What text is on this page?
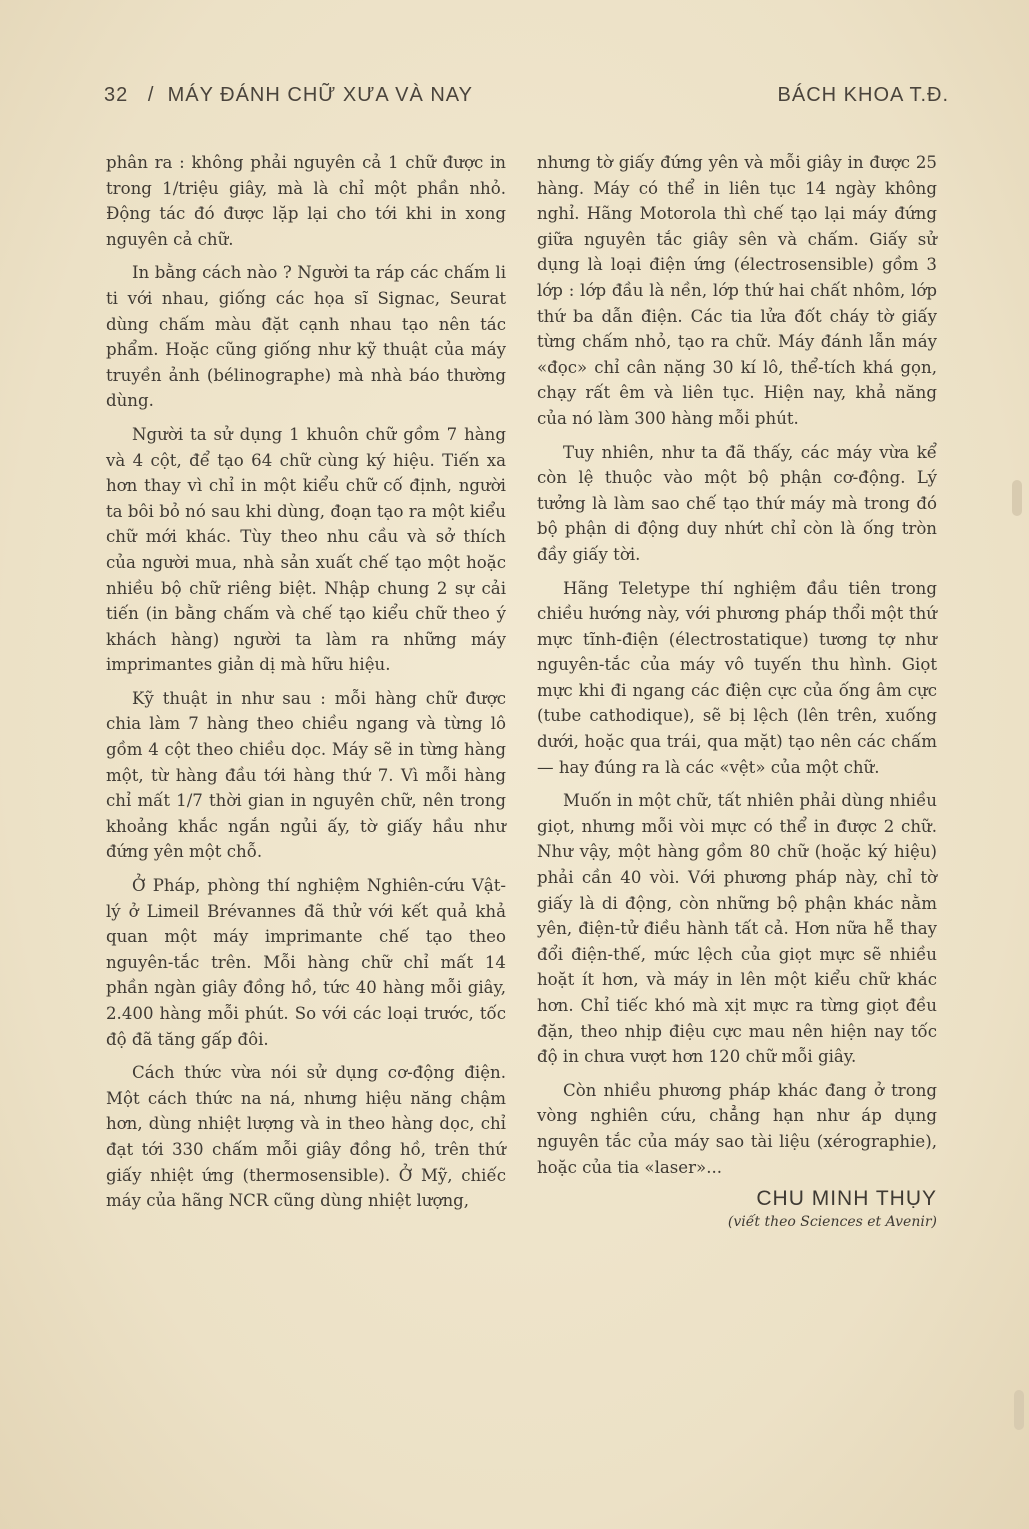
32 / MÁY ĐÁNH CHỮ XƯA VÀ NAY	BÁCH KHOA T.Đ.

phân ra : không phải nguyên cả 1 chữ được in trong 1/triệu giây, mà là chỉ một phần nhỏ. Động tác đó được lặp lại cho tới khi in xong nguyên cả chữ.

In bằng cách nào ? Người ta ráp các chấm li ti với nhau, giống các họa sĩ Signac, Seurat dùng chấm màu đặt cạnh nhau tạo nên tác phẩm. Hoặc cũng giống như kỹ thuật của máy truyền ảnh (bélinographe) mà nhà báo thường dùng.

Người ta sử dụng 1 khuôn chữ gồm 7 hàng và 4 cột, để tạo 64 chữ cùng ký hiệu. Tiến xa hơn thay vì chỉ in một kiểu chữ cố định, người ta bôi bỏ nó sau khi dùng, đoạn tạo ra một kiểu chữ mới khác. Tùy theo nhu cầu và sở thích của người mua, nhà sản xuất chế tạo một hoặc nhiều bộ chữ riêng biệt. Nhập chung 2 sự cải tiến (in bằng chấm và chế tạo kiểu chữ theo ý khách hàng) người ta làm ra những máy imprimantes giản dị mà hữu hiệu.

Kỹ thuật in như sau : mỗi hàng chữ được chia làm 7 hàng theo chiều ngang và từng lô gồm 4 cột theo chiều dọc. Máy sẽ in từng hàng một, từ hàng đầu tới hàng thứ 7. Vì mỗi hàng chỉ mất 1/7 thời gian in nguyên chữ, nên trong khoảng khắc ngắn ngủi ấy, tờ giấy hầu như đứng yên một chỗ.

Ở Pháp, phòng thí nghiệm Nghiên-cứu Vật-lý ở Limeil Brévannes đã thử với kết quả khả quan một máy imprimante chế tạo theo nguyên-tắc trên. Mỗi hàng chữ chỉ mất 14 phần ngàn giây đồng hồ, tức 40 hàng mỗi giây, 2.400 hàng mỗi phút. So với các loại trước, tốc độ đã tăng gấp đôi.

Cách thức vừa nói sử dụng cơ-động điện. Một cách thức na ná, nhưng hiệu năng chậm hơn, dùng nhiệt lượng và in theo hàng dọc, chỉ đạt tới 330 chấm mỗi giây đồng hồ, trên thứ giấy nhiệt ứng (thermosensible). Ở Mỹ, chiếc máy của hãng NCR cũng dùng nhiệt lượng,

nhưng tờ giấy đứng yên và mỗi giây in được 25 hàng. Máy có thể in liên tục 14 ngày không nghỉ. Hãng Motorola thì chế tạo lại máy đứng giữa nguyên tắc giây sên và chấm. Giấy sử dụng là loại điện ứng (électrosensible) gồm 3 lớp : lớp đầu là nền, lớp thứ hai chất nhôm, lớp thứ ba dẫn điện. Các tia lửa đốt cháy tờ giấy từng chấm nhỏ, tạo ra chữ. Máy đánh lẫn máy «đọc» chỉ cân nặng 30 kí lô, thể-tích khá gọn, chạy rất êm và liên tục. Hiện nay, khả năng của nó làm 300 hàng mỗi phút.

Tuy nhiên, như ta đã thấy, các máy vừa kể còn lệ thuộc vào một bộ phận cơ-động. Lý tưởng là làm sao chế tạo thứ máy mà trong đó bộ phận di động duy nhứt chỉ còn là ống tròn đầy giấy tời.

Hãng Teletype thí nghiệm đầu tiên trong chiều hướng này, với phương pháp thổi một thứ mực tĩnh-điện (électrostatique) tương tợ như nguyên-tắc của máy vô tuyến thu hình. Giọt mực khi đi ngang các điện cực của ống âm cực (tube cathodique), sẽ bị lệch (lên trên, xuống dưới, hoặc qua trái, qua mặt) tạo nên các chấm — hay đúng ra là các «vệt» của một chữ.

Muốn in một chữ, tất nhiên phải dùng nhiều giọt, nhưng mỗi vòi mực có thể in được 2 chữ. Như vậy, một hàng gồm 80 chữ (hoặc ký hiệu) phải cần 40 vòi. Với phương pháp này, chỉ tờ giấy là di động, còn những bộ phận khác nằm yên, điện-tử điều hành tất cả. Hơn nữa hễ thay đổi điện-thế, mức lệch của giọt mực sẽ nhiều hoặt ít hơn, và máy in lên một kiểu chữ khác hơn. Chỉ tiếc khó mà xịt mực ra từng giọt đều đặn, theo nhịp điệu cực mau nên hiện nay tốc độ in chưa vượt hơn 120 chữ mỗi giây.

Còn nhiều phương pháp khác đang ở trong vòng nghiên cứu, chẳng hạn như áp dụng nguyên tắc của máy sao tài liệu (xérographie), hoặc của tia «laser»...

CHU MINH THỤY
(viết theo Sciences et Avenir)
